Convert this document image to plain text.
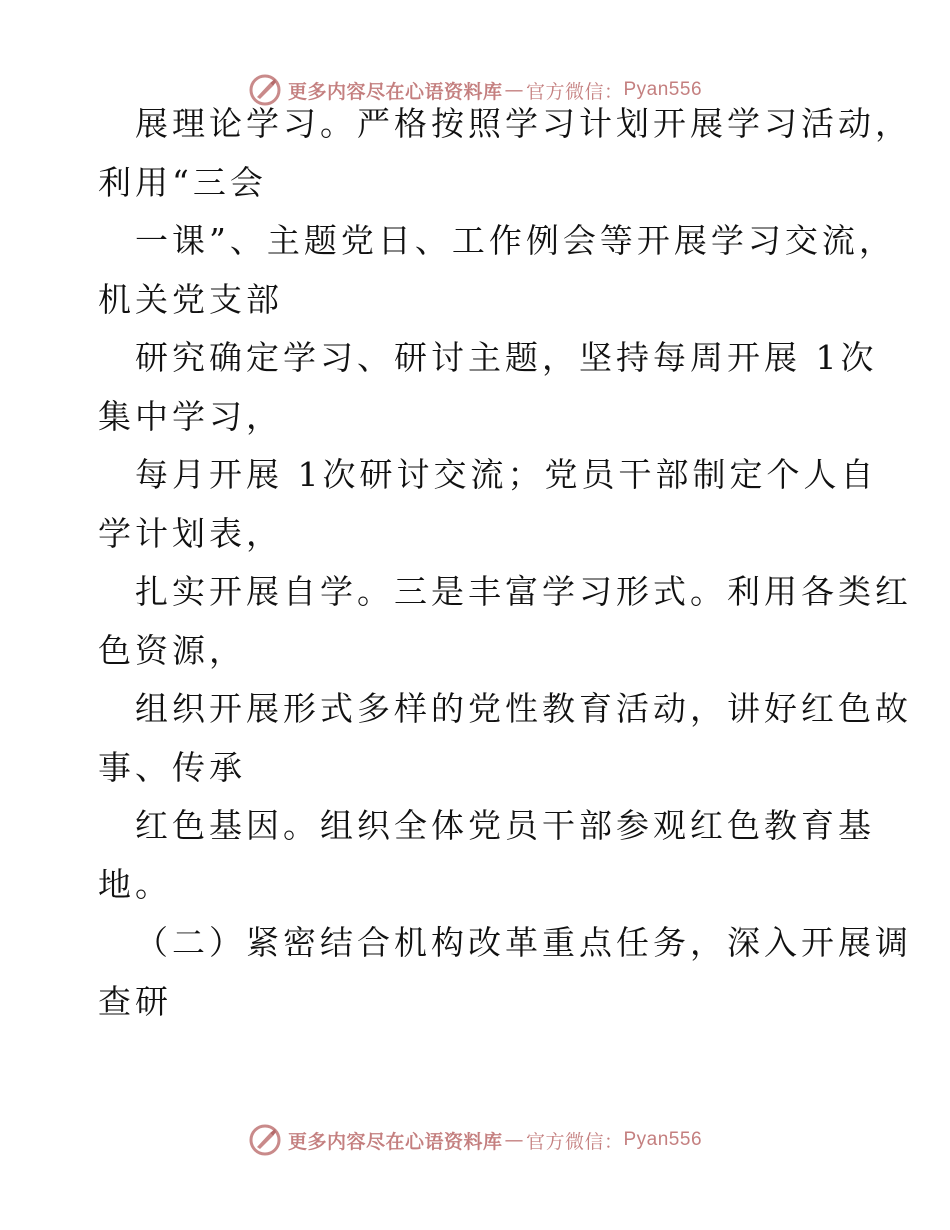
更多内容尽在心语资料库 — 官方微信： Pyan556
展理论学习。严格按照学习计划开展学习活动，
利用“三会
一课”、主题党日、工作例会等开展学习交流，
机关党支部
研究确定学习、研讨主题，坚持每周开展 1次
集中学习，
每月开展 1次研讨交流；党员干部制定个人自
学计划表，
扎实开展自学。三是丰富学习形式。利用各类红
色资源，
组织开展形式多样的党性教育活动，讲好红色故
事、传承
红色基因。组织全体党员干部参观红色教育基
地。
（二）紧密结合机构改革重点任务，深入开展调
查研
更多内容尽在心语资料库 — 官方微信： Pyan556
